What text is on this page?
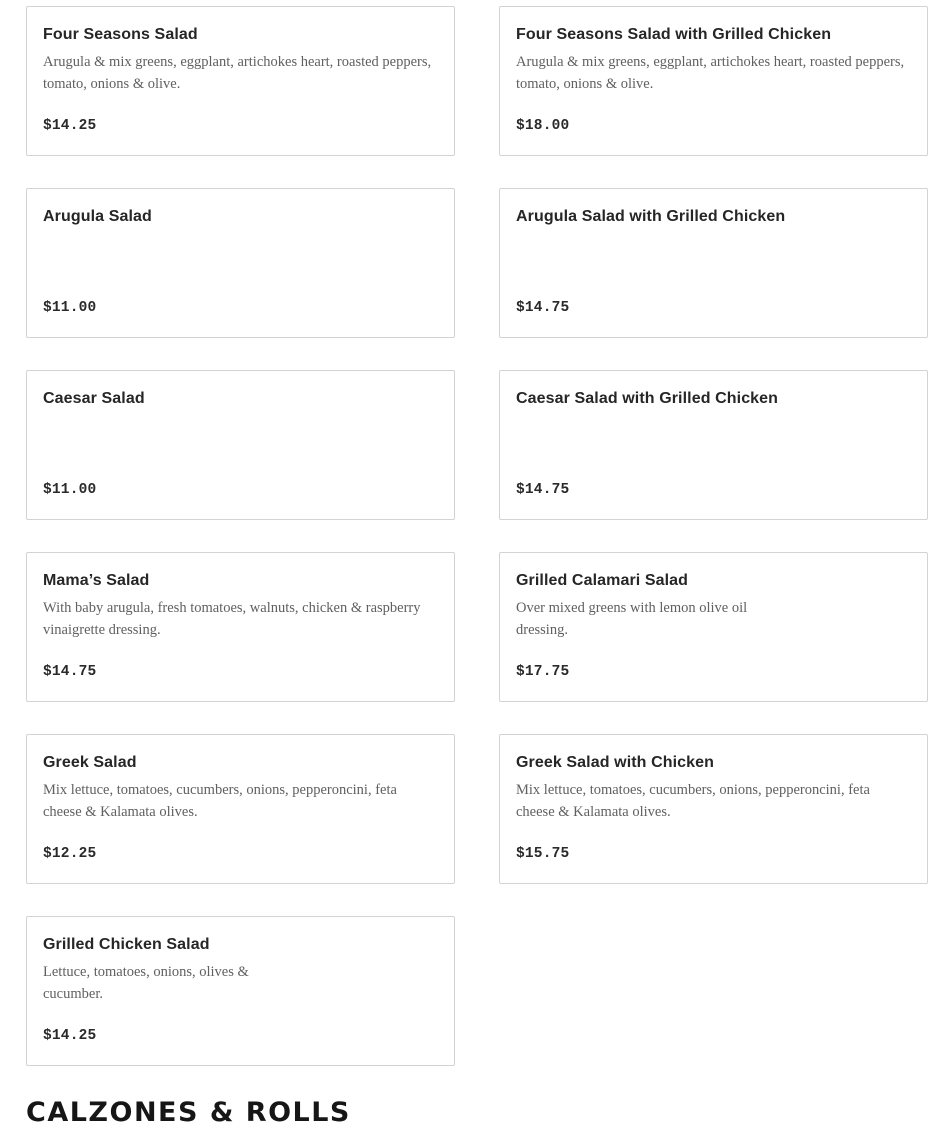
Four Seasons Salad
Arugula & mix greens, eggplant, artichokes heart, roasted peppers, tomato, onions & olive.
$14.25
Four Seasons Salad with Grilled Chicken
Arugula & mix greens, eggplant, artichokes heart, roasted peppers, tomato, onions & olive.
$18.00
Arugula Salad
$11.00
Arugula Salad with Grilled Chicken
$14.75
Caesar Salad
$11.00
Caesar Salad with Grilled Chicken
$14.75
Mama’s Salad
With baby arugula, fresh tomatoes, walnuts, chicken & raspberry vinaigrette dressing.
$14.75
Grilled Calamari Salad
Over mixed greens with lemon olive oil dressing.
$17.75
Greek Salad
Mix lettuce, tomatoes, cucumbers, onions, pepperoncini, feta cheese & Kalamata olives.
$12.25
Greek Salad with Chicken
Mix lettuce, tomatoes, cucumbers, onions, pepperoncini, feta cheese & Kalamata olives.
$15.75
Grilled Chicken Salad
Lettuce, tomatoes, onions, olives & cucumber.
$14.25
CALZONES & ROLLS
